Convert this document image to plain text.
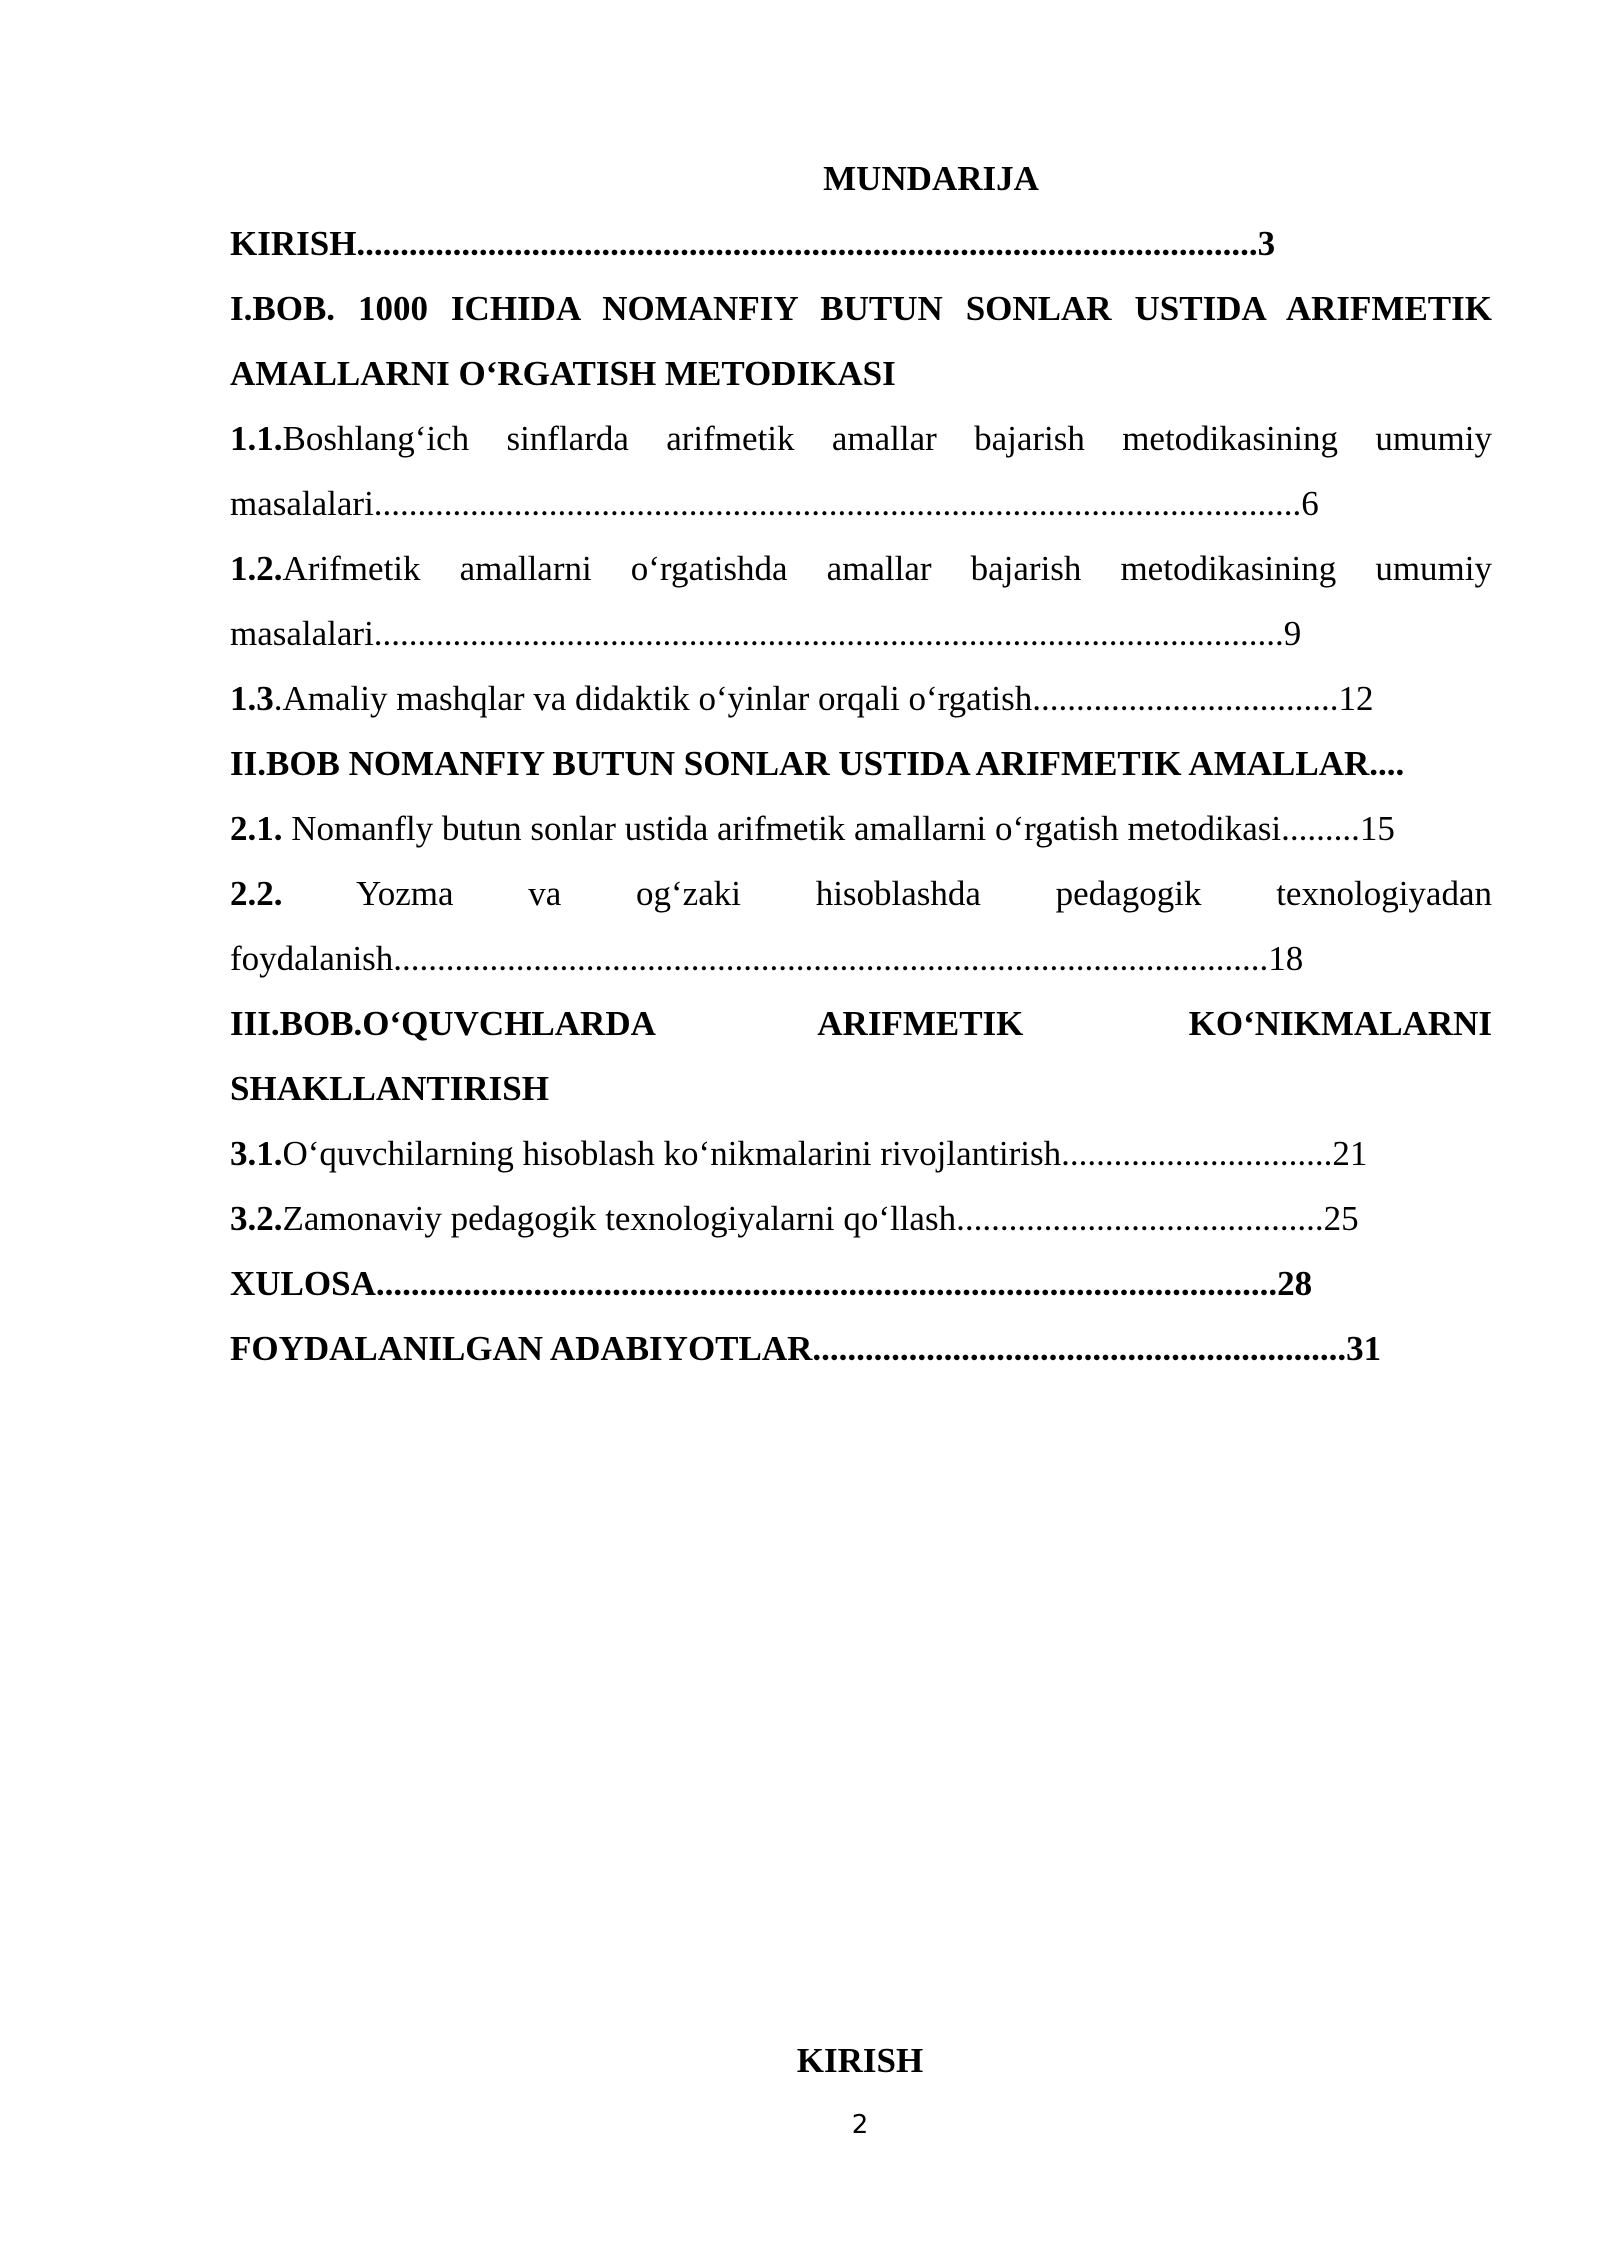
MUNDARIJA
KIRISH.......................................................................................................3
I.BOB. 1000 ICHIDA NOMANFIY BUTUN SONLAR USTIDA ARIFMETIK
AMALLARNI O‘RGATISH METODIKASI
1.1.Boshlang‘ich sinflarda arifmetik amallar bajarish metodikasining umumiy
masalalari..........................................................................................................6
1.2.Arifmetik amallarni o‘rgatishda amallar bajarish metodikasining umumiy
masalalari........................................................................................................9
1.3.Amaliy mashqlar va didaktik o‘yinlar orqali o‘rgatish...................................12
II.BOB NOMANFIY BUTUN SONLAR USTIDA ARIFMETIK AMALLAR....
2.1. Nomanfly butun sonlar ustida arifmetik amallarni o‘rgatish metodikasi.........15
2.2. Yozma va og‘zaki hisoblashda pedagogik texnologiyadan
foydalanish....................................................................................................18
III.BOB.O‘QUVCHLARDA ARIFMETIK KO‘NIKMALARNI
SHAKLLANTIRISH
3.1.O‘quvchilarning hisoblash ko‘nikmalarini rivojlantirish...............................21
3.2.Zamonaviy pedagogik texnologiyalarni qo‘llash..........................................25
XULOSA.......................................................................................................28
FOYDALANILGAN ADABIYOTLAR.............................................................31
KIRISH
2
